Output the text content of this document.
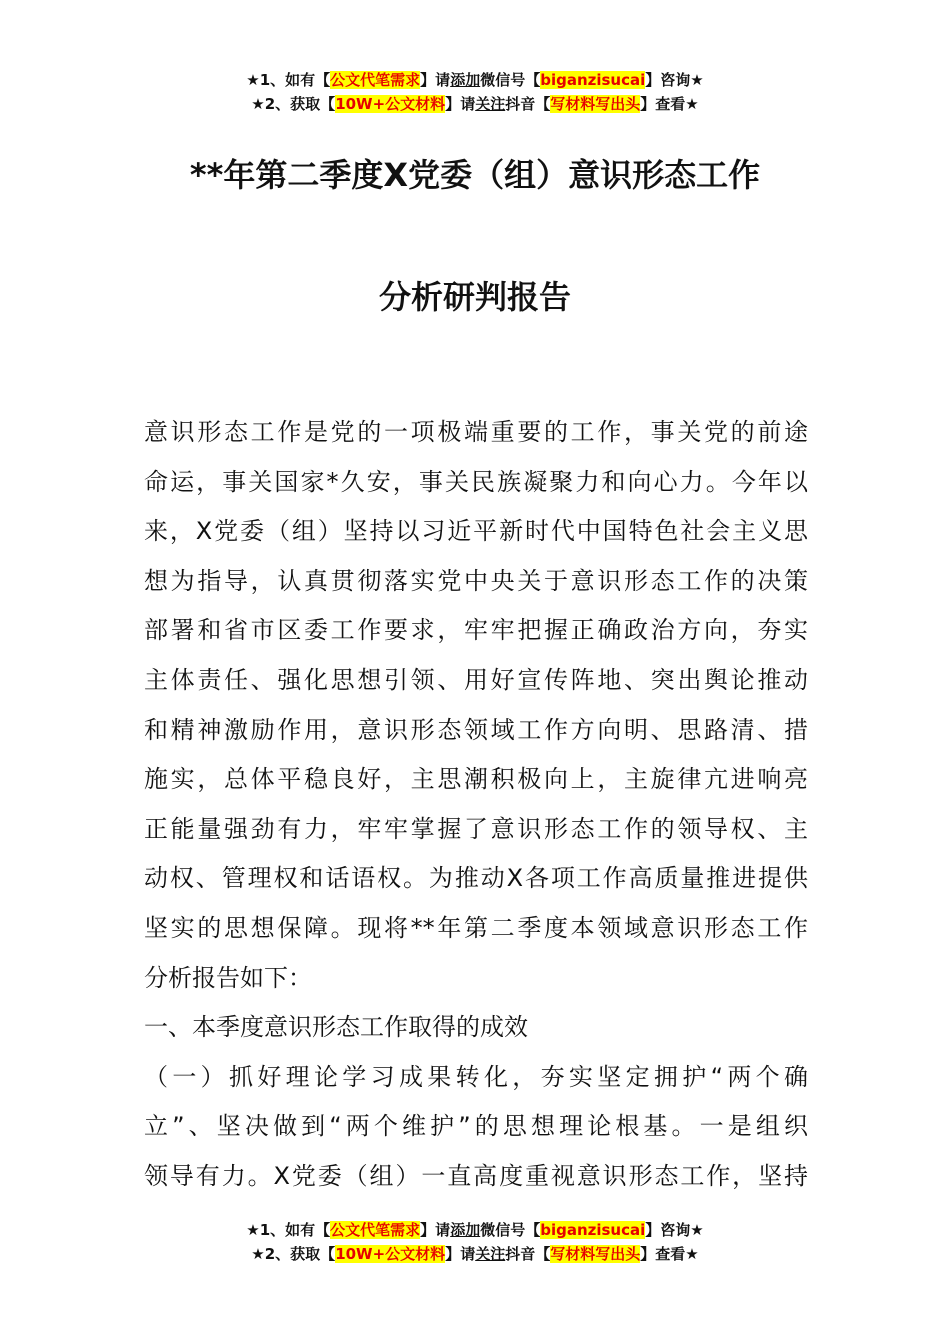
★1、如有【公文代笔需求】请添加微信号【biganzisucai】咨询★
★2、获取【10W+公文材料】请关注抖音【写材料写出头】查看★
**年第二季度X党委（组）意识形态工作
分析研判报告
意识形态工作是党的一项极端重要的工作，事关党的前途
命运，事关国家*久安，事关民族凝聚力和向心力。今年以
来，X党委（组）坚持以习近平新时代中国特色社会主义思
想为指导，认真贯彻落实党中央关于意识形态工作的决策
部署和省市区委工作要求，牢牢把握正确政治方向，夯实
主体责任、强化思想引领、用好宣传阵地、突出舆论推动
和精神激励作用，意识形态领域工作方向明、思路清、措
施实，总体平稳良好，主思潮积极向上，主旋律亢进响亮
正能量强劲有力，牢牢掌握了意识形态工作的领导权、主
动权、管理权和话语权。为推动X各项工作高质量推进提供
坚实的思想保障。现将**年第二季度本领域意识形态工作
分析报告如下：
一、本季度意识形态工作取得的成效
（一）抓好理论学习成果转化，夯实坚定拥护“两个确
立”、坚决做到“两个维护”的思想理论根基。一是组织
领导有力。X党委（组）一直高度重视意识形态工作，坚持
★1、如有【公文代笔需求】请添加微信号【biganzisucai】咨询★
★2、获取【10W+公文材料】请关注抖音【写材料写出头】查看★
